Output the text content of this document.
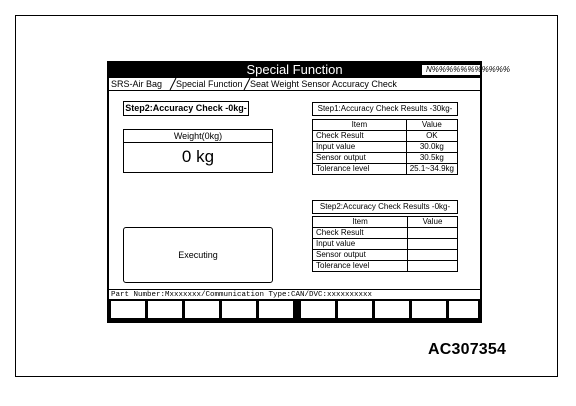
Special Function	N%%%%%%%%%%%
SRS-Air Bag Special Function Seat Weight Sensor Accuracy Check
Step2:Accuracy Check -0kg-
Weight(0kg)
0 kg
Executing
Step1:Accuracy Check Results -30kg-
Item	Value
Check Result	OK
Input value	30.0kg
Sensor output	30.5kg
Tolerance level	25.1~34.9kg
Step2:Accuracy Check Results -0kg-
Item	Value
Check Result	
Input value	
Sensor output	
Tolerance level	
Part Number:Mxxxxxxx/Communication Type:CAN/DVC:xxxxxxxxxx
AC307354
